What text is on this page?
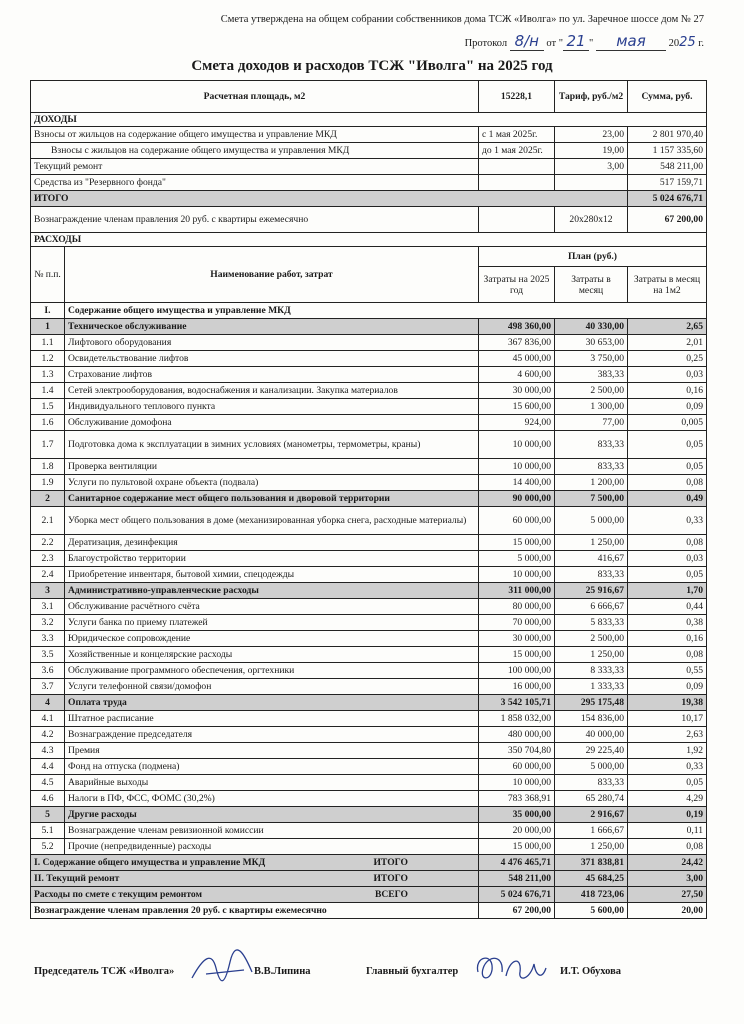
Смета утверждена на общем собрании собственников дома ТСЖ «Иволга» по ул. Заречное шоссе дом № 27
Протокол 8/н от " 21 " мая 2025 г.
Смета доходов и расходов ТСЖ "Иволга" на 2025 год
Расчетная площадь, м2		15228,1	Тариф, руб./м2	Сумма, руб.
ДОХОДЫ				
Взносы от жильцов на содержание общего имущества и управление МКД		с 1 мая 2025г.	23,00	2 801 970,40
Взносы с жильцов на содержание общего имущества и управления МКД		до 1 мая 2025г.	19,00	1 157 335,60
Текущий ремонт			3,00	548 211,00
Средства из "Резервного фонда"				517 159,71
ИТОГО				5 024 676,71
Вознаграждение членам правления 20 руб. с квартиры ежемесячно			20х280х12	67 200,00
РАСХОДЫ				
№ п.п.	Наименование работ, затрат	План (руб.)		
		Затраты на 2025 год	Затраты в месяц	Затраты в месяц на 1м2
I.	Содержание общего имущества и управление МКД			
1	Техническое обслуживание	498 360,00	40 330,00	2,65
1.1	Лифтового оборудования	367 836,00	30 653,00	2,01
1.2	Освидетельствование лифтов	45 000,00	3 750,00	0,25
1.3	Страхование лифтов	4 600,00	383,33	0,03
1.4	Сетей электрооборудования, водоснабжения и канализации. Закупка материалов	30 000,00	2 500,00	0,16
1.5	Индивидуального теплового пункта	15 600,00	1 300,00	0,09
1.6	Обслуживание домофона	924,00	77,00	0,005
1.7	Подготовка дома к эксплуатации в зимних условиях (манометры, термометры, краны)	10 000,00	833,33	0,05
1.8	Проверка вентиляции	10 000,00	833,33	0,05
1.9	Услуги по пультовой охране объекта (подвала)	14 400,00	1 200,00	0,08
2	Санитарное содержание мест общего пользования и дворовой территории	90 000,00	7 500,00	0,49
2.1	Уборка мест общего пользования в доме (механизированная уборка снега, расходные материалы)	60 000,00	5 000,00	0,33
2.2	Дератизация, дезинфекция	15 000,00	1 250,00	0,08
2.3	Благоустройство территории	5 000,00	416,67	0,03
2.4	Приобретение инвентаря, бытовой химии, спецодежды	10 000,00	833,33	0,05
3	Административно-управленческие расходы	311 000,00	25 916,67	1,70
3.1	Обслуживание расчётного счёта	80 000,00	6 666,67	0,44
3.2	Услуги банка по приему платежей	70 000,00	5 833,33	0,38
3.3	Юридическое сопровождение	30 000,00	2 500,00	0,16
3.5	Хозяйственные и концелярские расходы	15 000,00	1 250,00	0,08
3.6	Обслуживание программного обеспечения, оргтехники	100 000,00	8 333,33	0,55
3.7	Услуги телефонной связи/домофон	16 000,00	1 333,33	0,09
4	Оплата труда	3 542 105,71	295 175,48	19,38
4.1	Штатное расписание	1 858 032,00	154 836,00	10,17
4.2	Вознаграждение председателя	480 000,00	40 000,00	2,63
4.3	Премия	350 704,80	29 225,40	1,92
4.4	Фонд на отпуска (подмена)	60 000,00	5 000,00	0,33
4.5	Аварийные выходы	10 000,00	833,33	0,05
4.6	Налоги в ПФ, ФСС, ФОМС (30,2%)	783 368,91	65 280,74	4,29
5	Другие расходы	35 000,00	2 916,67	0,19
5.1	Вознаграждение членам ревизионной комиссии	20 000,00	1 666,67	0,11
5.2	Прочие (непредвиденные) расходы	15 000,00	1 250,00	0,08
I. Содержание общего имущества и управление МКД ИТОГО		4 476 465,71	371 838,81	24,42
II. Текущий ремонт ИТОГО		548 211,00	45 684,25	3,00
Расходы по смете с текущим ремонтом ВСЕГО		5 024 676,71	418 723,06	27,50
Вознаграждение членам правления 20 руб. с квартиры ежемесячно		67 200,00	5 600,00	20,00
Председатель ТСЖ «Иволга»	В.В.Липина	Главный бухгалтер	И.Т. Обухова
